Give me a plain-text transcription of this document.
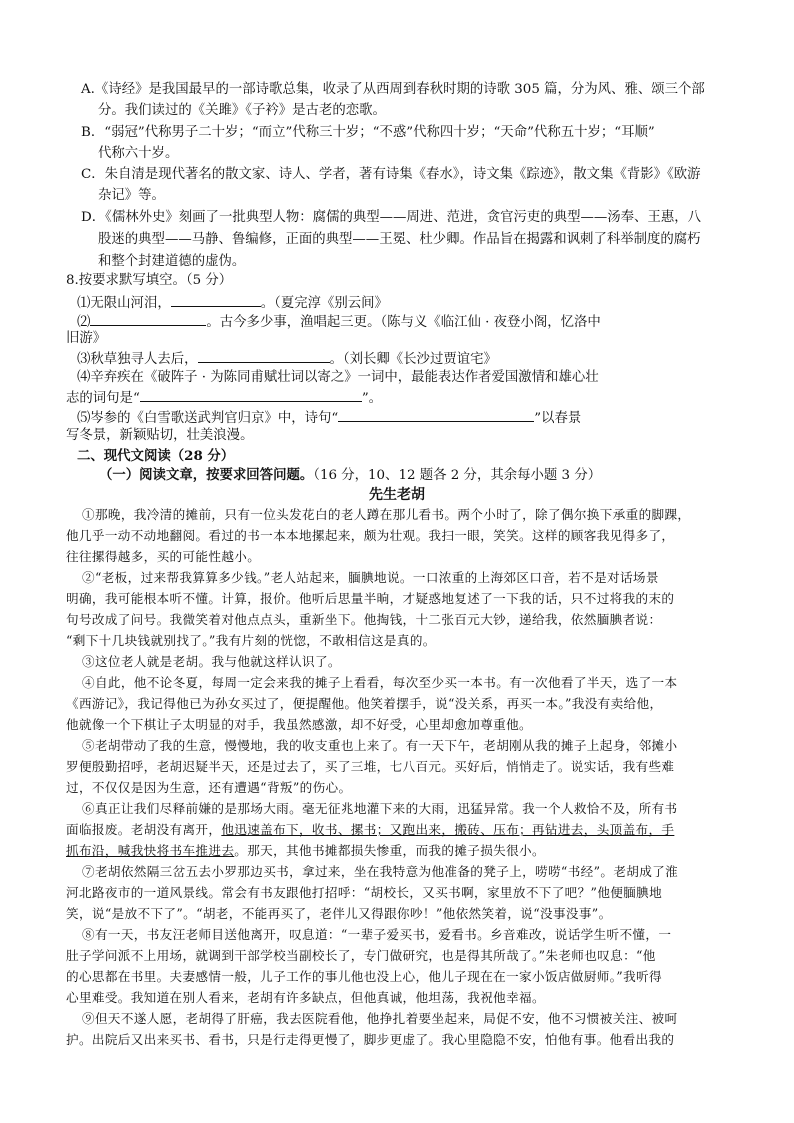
A.《诗经》是我国最早的一部诗歌总集，收录了从西周到春秋时期的诗歌 305 篇，分为风、雅、颂三个部
分。我们读过的《关雎》《子衿》是古老的恋歌。
B．“弱冠”代称男子二十岁；“而立”代称三十岁；“不惑”代称四十岁；“天命”代称五十岁；“耳顺”
代称六十岁。
C．朱自清是现代著名的散文家、诗人、学者，著有诗集《春水》，诗文集《踪迹》，散文集《背影》《欧游
杂记》等。
D．《儒林外史》刻画了一批典型人物：腐儒的典型——周进、范进，贪官污吏的典型——汤奉、王惠，八
股迷的典型——马静、鲁编修，正面的典型——王冕、杜少卿。作品旨在揭露和讽刺了科举制度的腐朽
和整个封建道德的虚伪。
8.按要求默写填空。（5 分）
⑴无限山河泪，	。（夏完淳《别云间》
⑵	。古今多少事，渔唱起三更。（陈与义《临江仙 · 夜登小阁，忆洛中
旧游》
⑶秋草独寻人去后，	。（刘长卿《长沙过贾谊宅》
⑷辛弃疾在《破阵子 · 为陈同甫赋壮词以寄之》一词中，最能表达作者爱国激情和雄心壮
志的词句是“	”。
⑸岑参的《白雪歌送武判官归京》中，诗句“	”以春景
写冬景，新颖贴切，壮美浪漫。
二、现代文阅读（28 分）
（一）阅读文章，按要求回答问题。（16 分，10、12 题各 2 分，其余每小题 3 分）
先生老胡
①那晚，我冷清的摊前，只有一位头发花白的老人蹲在那儿看书。两个小时了，除了偶尔换下承重的脚踝，
他几乎一动不动地翻阅。看过的书一本本地摞起来，颇为壮观。我扫一眼，笑笑。这样的顾客我见得多了，
往往摞得越多，买的可能性越小。
②“老板，过来帮我算算多少钱。”老人站起来，腼腆地说。一口浓重的上海郊区口音，若不是对话场景
明确，我可能根本听不懂。计算，报价。他听后思量半晌，才疑惑地复述了一下我的话，只不过将我的末的
句号改成了问号。我微笑着对他点点头，重新坐下。他掏钱，十二张百元大钞，递给我，依然腼腆者说：
“剩下十几块钱就别找了。”我有片刻的恍惚，不敢相信这是真的。
③这位老人就是老胡。我与他就这样认识了。
④自此，他不论冬夏，每周一定会来我的摊子上看看，每次至少买一本书。有一次他看了半天，选了一本
《西游记》，我记得他已为孙女买过了，便提醒他。他笑着摆手，说“没关系，再买一本。”我没有卖给他，
他就像一个下棋让子太明显的对手，我虽然感激，却不好受，心里却愈加尊重他。
⑤老胡带动了我的生意，慢慢地，我的收支重也上来了。有一天下午，老胡刚从我的摊子上起身，邻摊小
罗便殷勤招呼，老胡迟疑半天，还是过去了，买了三堆，七八百元。买好后，悄悄走了。说实话，我有些难
过，不仅仅是因为生意，还有遭遇“背叛”的伤心。
⑥真正让我们尽释前嫌的是那场大雨。毫无征兆地灌下来的大雨，迅猛异常。我一个人救恰不及，所有书
面临报废。老胡没有离开，他迅速盖布下，收书、摞书；又跑出来，搬砖、压布；再钻进去，头顶盖布，手
抓布沿，喊我快将书车推进去。那天，其他书摊都损失惨重，而我的摊子损失很小。
⑦老胡依然隔三岔五去小罗那边买书，拿过来，坐在我特意为他准备的凳子上，唠唠“书经”。老胡成了淮
河北路夜市的一道风景线。常会有书友跟他打招呼：“胡校长，又买书啊，家里放不下了吧？”他便腼腆地
笑，说“是放不下了”。“胡老，不能再买了，老伴儿又得跟你吵！”他依然笑着，说“没事没事”。
⑧有一天，书友汪老师目送他离开，叹息道：“一辈子爱买书，爱看书。乡音难改，说话学生听不懂，一
肚子学问派不上用场，就调到干部学校当副校长了，专门做研究，也是得其所哉了。”朱老师也叹息：“他
的心思都在书里。夫妻感情一般，儿子工作的事儿他也没上心，他儿子现在在一家小饭店做厨师。”我听得
心里难受。我知道在别人看来，老胡有许多缺点，但他真诚，他坦荡，我祝他幸福。
⑨但天不遂人愿，老胡得了肝癌，我去医院看他，他挣扎着要坐起来，局促不安，他不习惯被关注、被呵
护。出院后又出来买书、看书，只是行走得更慢了，脚步更虚了。我心里隐隐不安，怕他有事。他看出我的
